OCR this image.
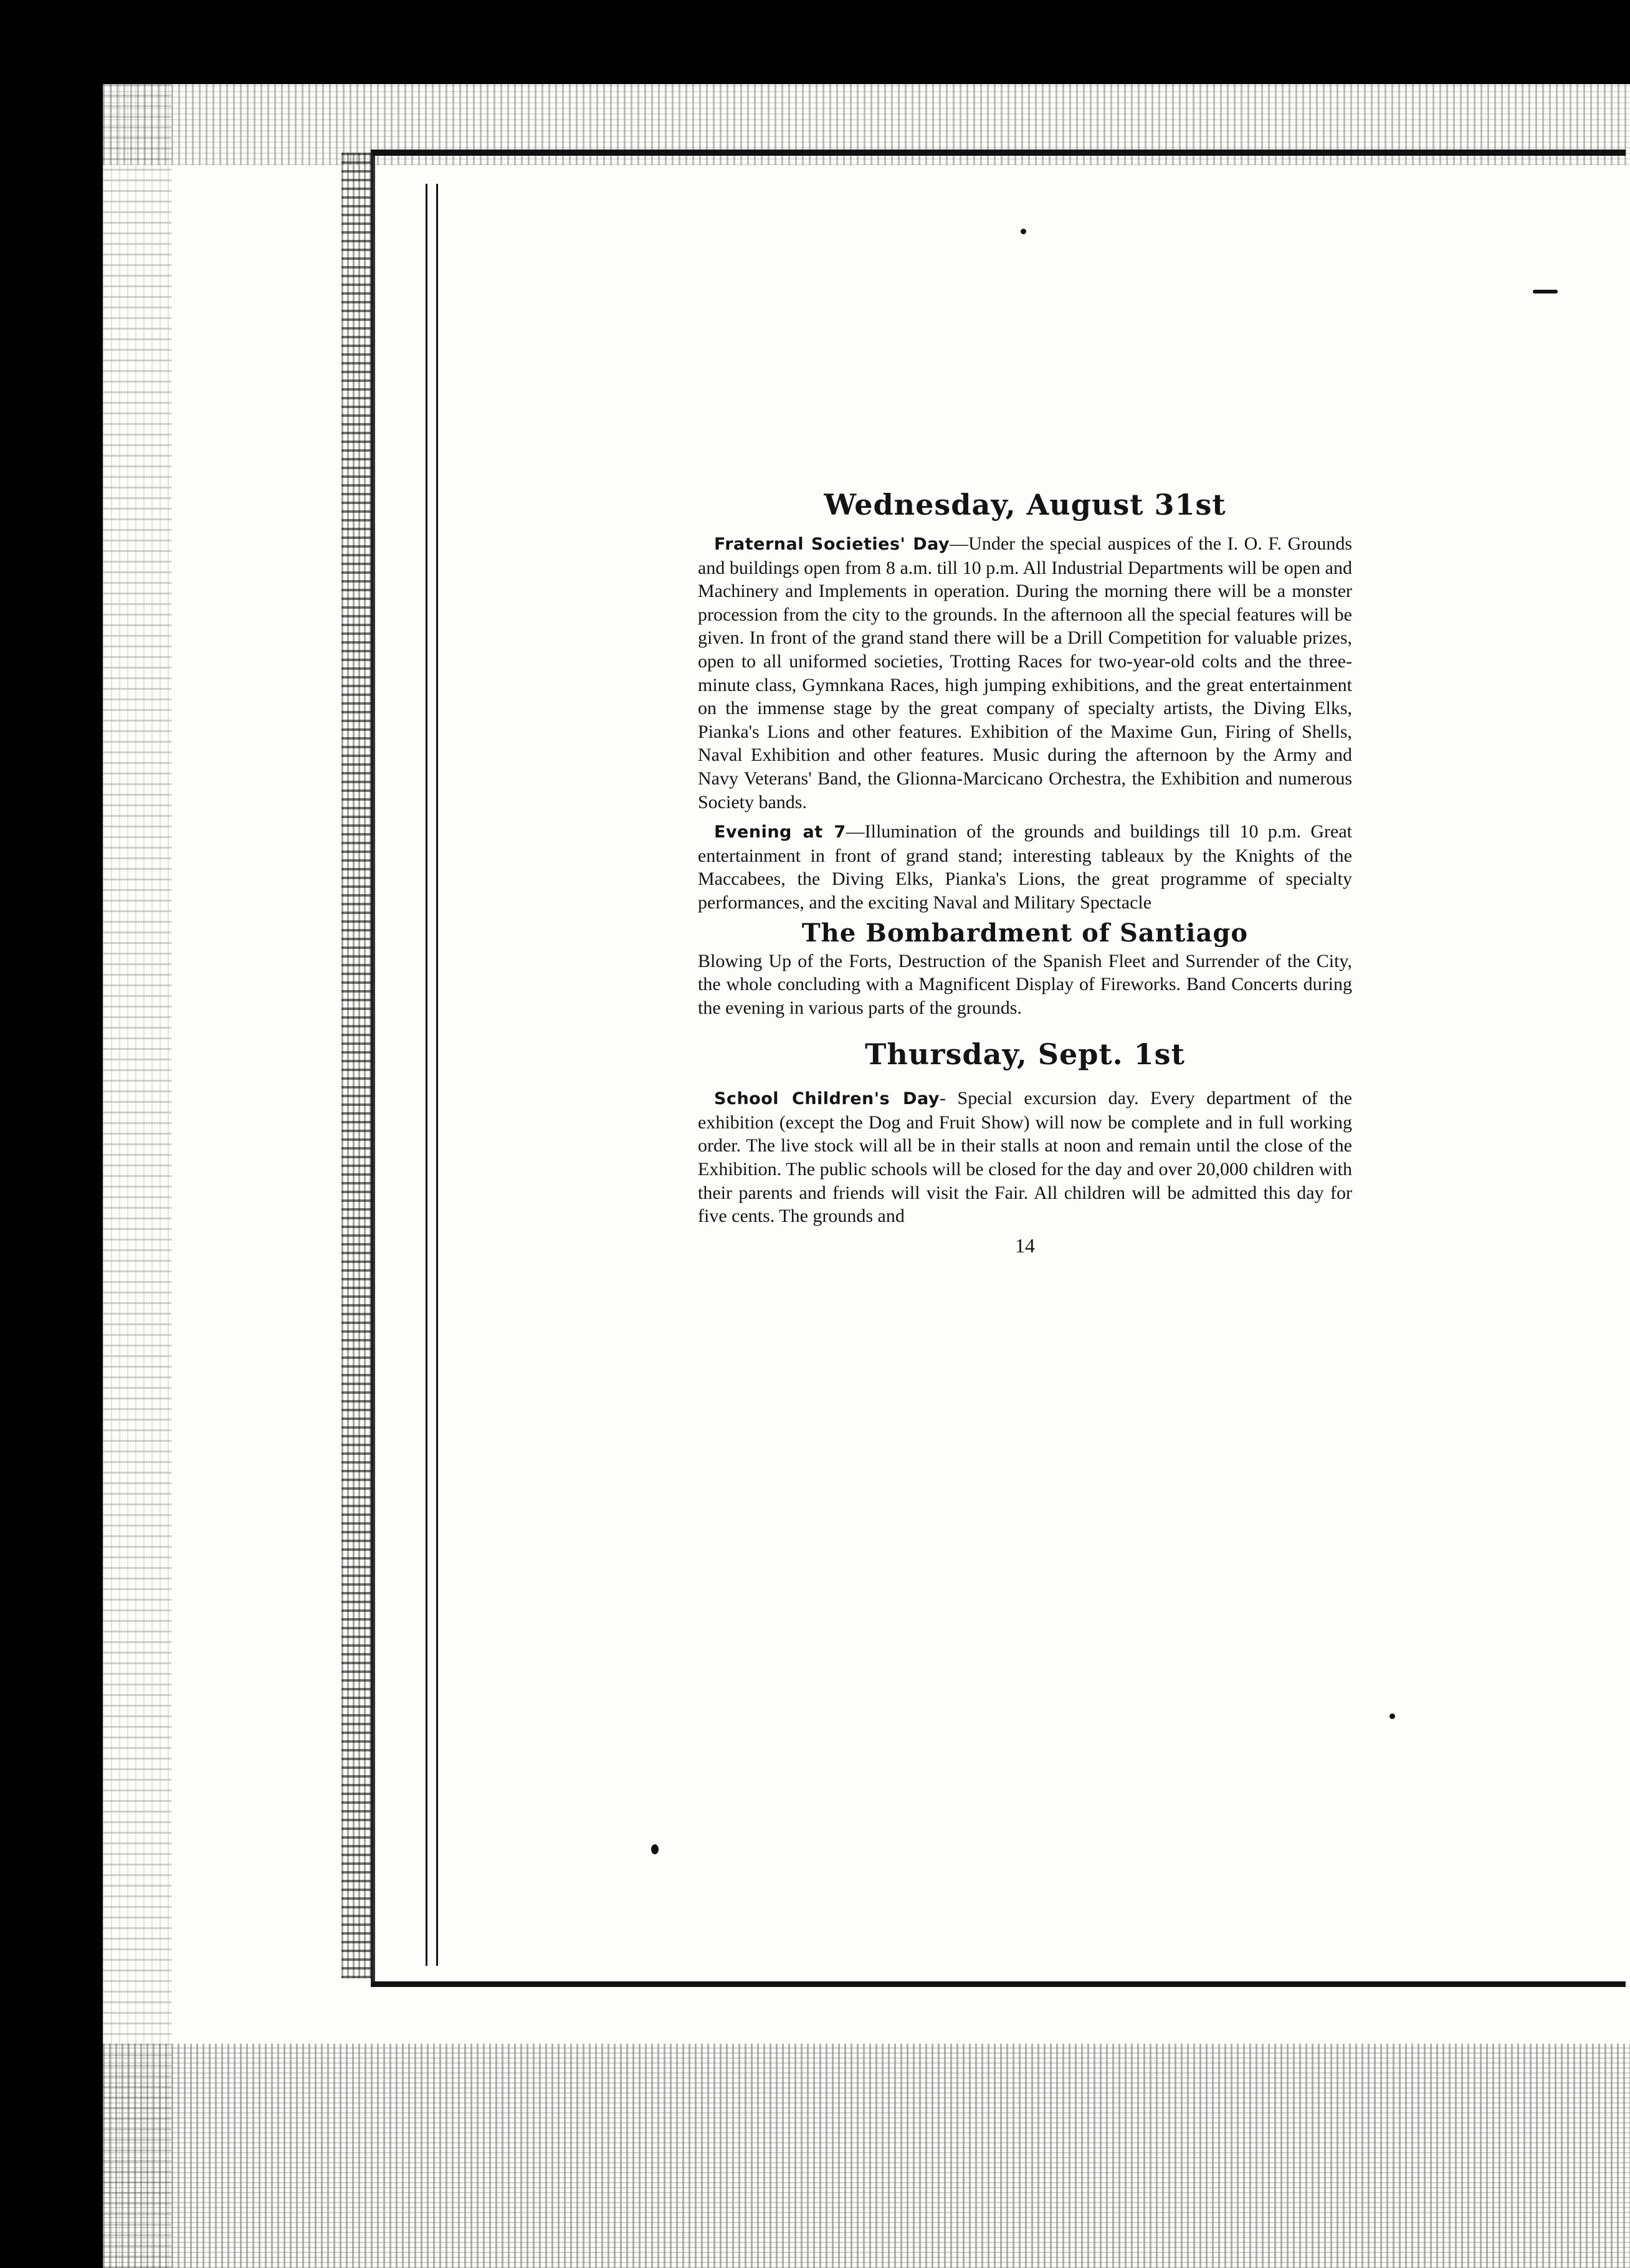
Wednesday, August 31st

Fraternal Societies' Day—Under the special auspices of the I. O. F. Grounds and buildings open from 8 a.m. till 10 p.m. All Industrial Departments will be open and Machinery and Implements in operation. During the morning there will be a monster procession from the city to the grounds. In the afternoon all the special features will be given. In front of the grand stand there will be a Drill Competition for valuable prizes, open to all uniformed societies, Trotting Races for two-year-old colts and the three-minute class, Gymnkana Races, high jumping exhibitions, and the great entertainment on the immense stage by the great company of specialty artists, the Diving Elks, Pianka's Lions and other features. Exhibition of the Maxime Gun, Firing of Shells, Naval Exhibition and other features. Music during the afternoon by the Army and Navy Veterans' Band, the Glionna-Marcicano Orchestra, the Exhibition and numerous Society bands.

Evening at 7—Illumination of the grounds and buildings till 10 p.m. Great entertainment in front of grand stand; interesting tableaux by the Knights of the Maccabees, the Diving Elks, Pianka's Lions, the great programme of specialty performances, and the exciting Naval and Military Spectacle

The Bombardment of Santiago

Blowing Up of the Forts, Destruction of the Spanish Fleet and Surrender of the City, the whole concluding with a Magnificent Display of Fireworks. Band Concerts during the evening in various parts of the grounds.

Thursday, Sept. 1st

School Children's Day- Special excursion day. Every department of the exhibition (except the Dog and Fruit Show) will now be complete and in full working order. The live stock will all be in their stalls at noon and remain until the close of the Exhibition. The public schools will be closed for the day and over 20,000 children with their parents and friends will visit the Fair. All children will be admitted this day for five cents. The grounds and

14
